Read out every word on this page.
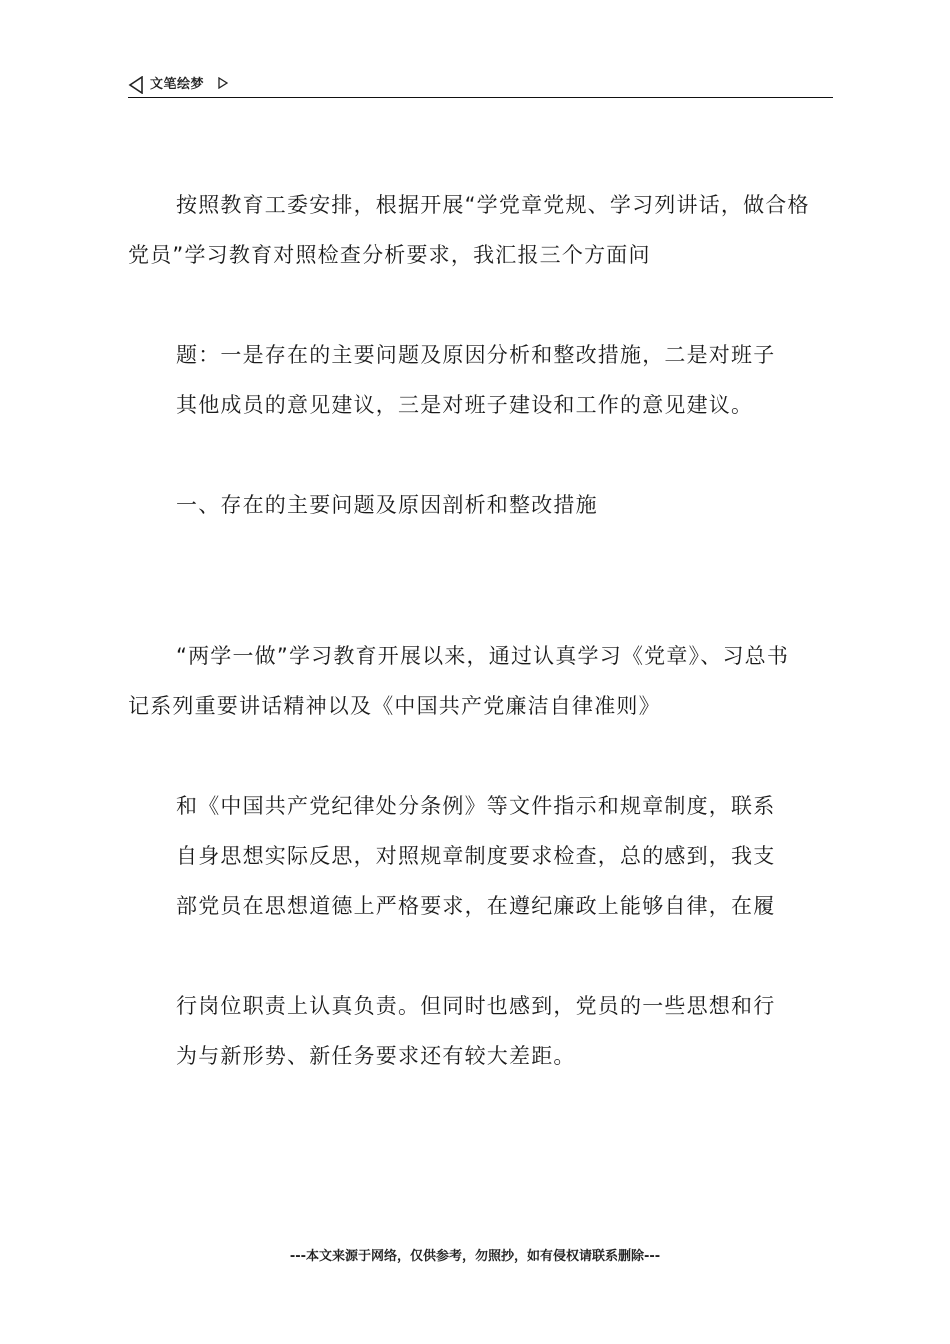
文笔绘梦
按照教育工委安排，根据开展“学党章党规、学习列讲话，做合格
党员”学习教育对照检查分析要求，我汇报三个方面问
题：一是存在的主要问题及原因分析和整改措施，二是对班子
其他成员的意见建议，三是对班子建设和工作的意见建议。
一、存在的主要问题及原因剖析和整改措施
“两学一做”学习教育开展以来，通过认真学习《党章》、习总书
记系列重要讲话精神以及《中国共产党廉洁自律准则》
和《中国共产党纪律处分条例》等文件指示和规章制度，联系
自身思想实际反思，对照规章制度要求检查，总的感到，我支
部党员在思想道德上严格要求，在遵纪廉政上能够自律，在履
行岗位职责上认真负责。但同时也感到，党员的一些思想和行
为与新形势、新任务要求还有较大差距。
---本文来源于网络，仅供参考，勿照抄，如有侵权请联系删除---
